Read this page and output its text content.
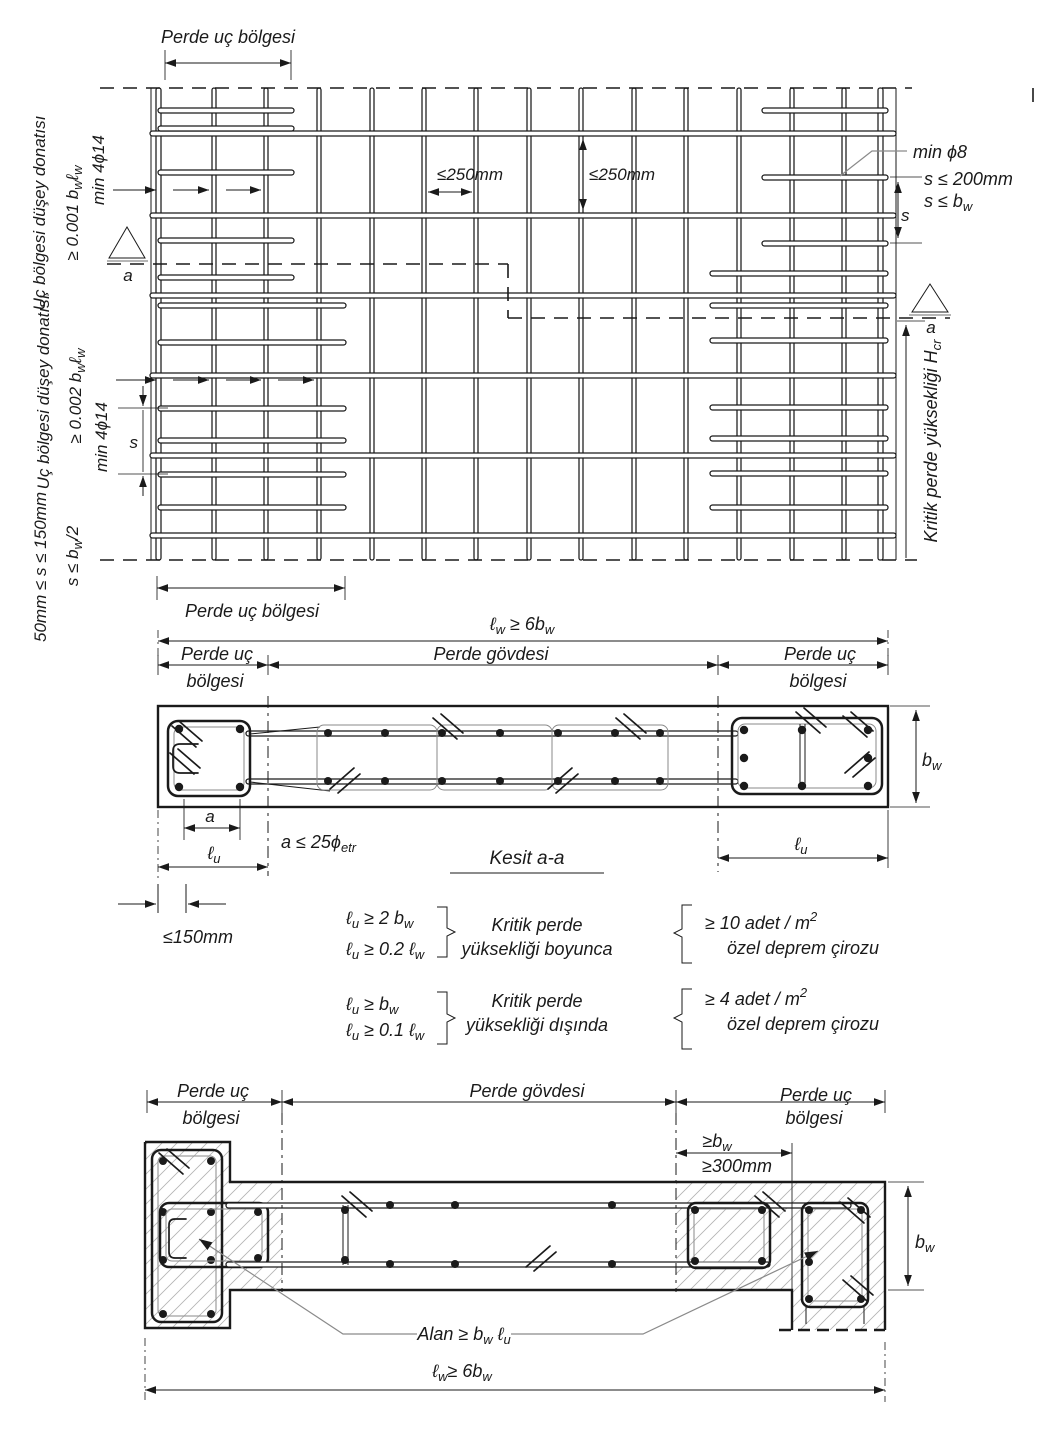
a
a
Perde uç bölgesi
Perde uç bölgesi
Uç bölgesi düşey donatısı ≥ 0.001 $b_w\ell_w$ min 4ϕ14
Uç bölgesi düşey donatısı ≥ 0.002 $b_w\ell_w$
min 4ϕ14
50mm ≤ s ≤ 150mm $s \le b_w/2$
s
≤250mm	≤250mm
min ϕ8
s ≤ 200mm
$s \le b_w$
s
Kritik perde yüksekliği $H_{cr}$
ℓ$_w$ ≥ $6b_w$
Perde uç
bölgesi
Perde gövdesi	Perde uç
bölgesi
a
ℓ$_u$
$a \le 25\phi_{etr}$
Kesit a-a
ℓ$_u$
$b_w$
≤150mm
ℓ$_u$ ≥ 2 $b_w$
ℓ$_u$ ≥ 0.2 ℓ$_w$
Kritik perde
yüksekliği boyunca
≥ 10 adet / $m^2$
özel deprem çirozu
ℓ$_u$ ≥ $b_w$
ℓ$_u$ ≥ 0.1 ℓ$_w$
Kritik perde
yüksekliği dışında
≥ 4 adet / $m^2$
özel deprem çirozu
Perde uç
bölgesi
Perde gövdesi	Perde uç
bölgesi
$\ge b_w$
≥300mm
$b_w$
Alan ≥ $b_w$ ℓ$_u$
ℓ$_w$≥ $6b_w$
